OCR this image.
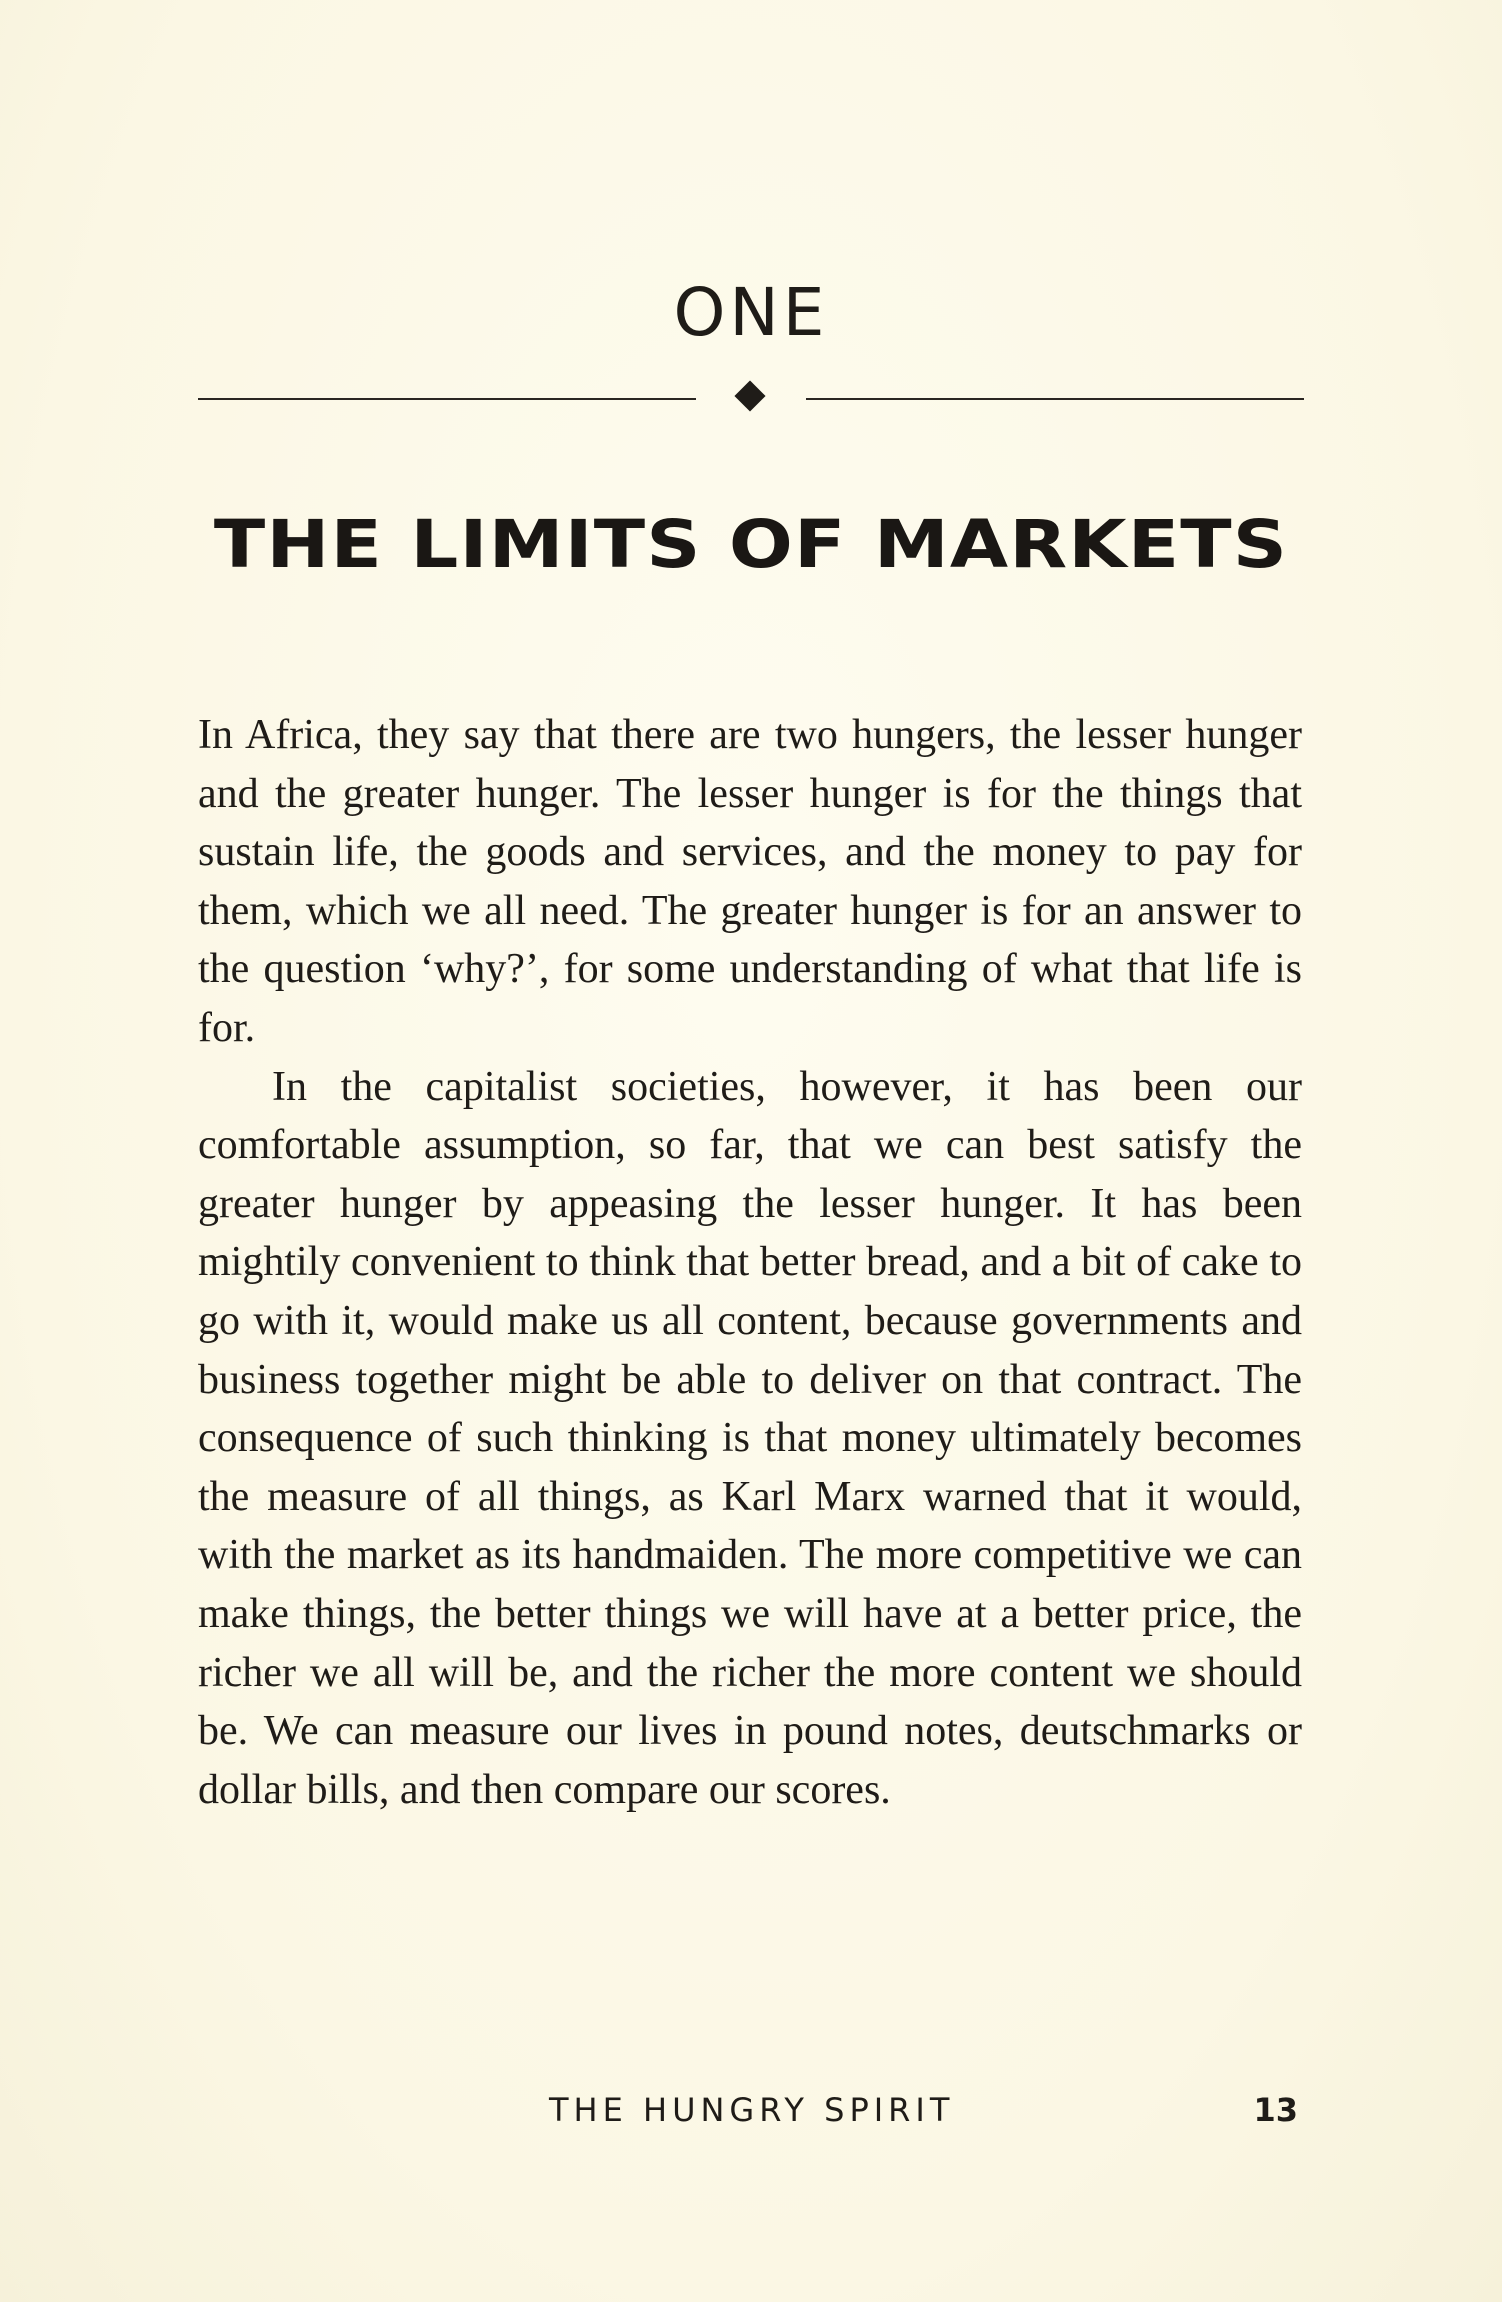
ONE
THE LIMITS OF MARKETS

In Africa, they say that there are two hungers, the lesser hunger and the greater hunger. The lesser hunger is for the things that sustain life, the goods and services, and the money to pay for them, which we all need. The greater hunger is for an answer to the question ‘why?’, for some understanding of what that life is for.

In the capitalist societies, however, it has been our comfortable assumption, so far, that we can best satisfy the greater hunger by appeasing the lesser hunger. It has been mightily convenient to think that better bread, and a bit of cake to go with it, would make us all content, because governments and business together might be able to deliver on that contract. The consequence of such thinking is that money ultimately becomes the measure of all things, as Karl Marx warned that it would, with the market as its handmaiden. The more competitive we can make things, the better things we will have at a better price, the richer we all will be, and the richer the more content we should be. We can measure our lives in pound notes, deutschmarks or dollar bills, and then compare our scores.

THE HUNGRY SPIRIT	13
